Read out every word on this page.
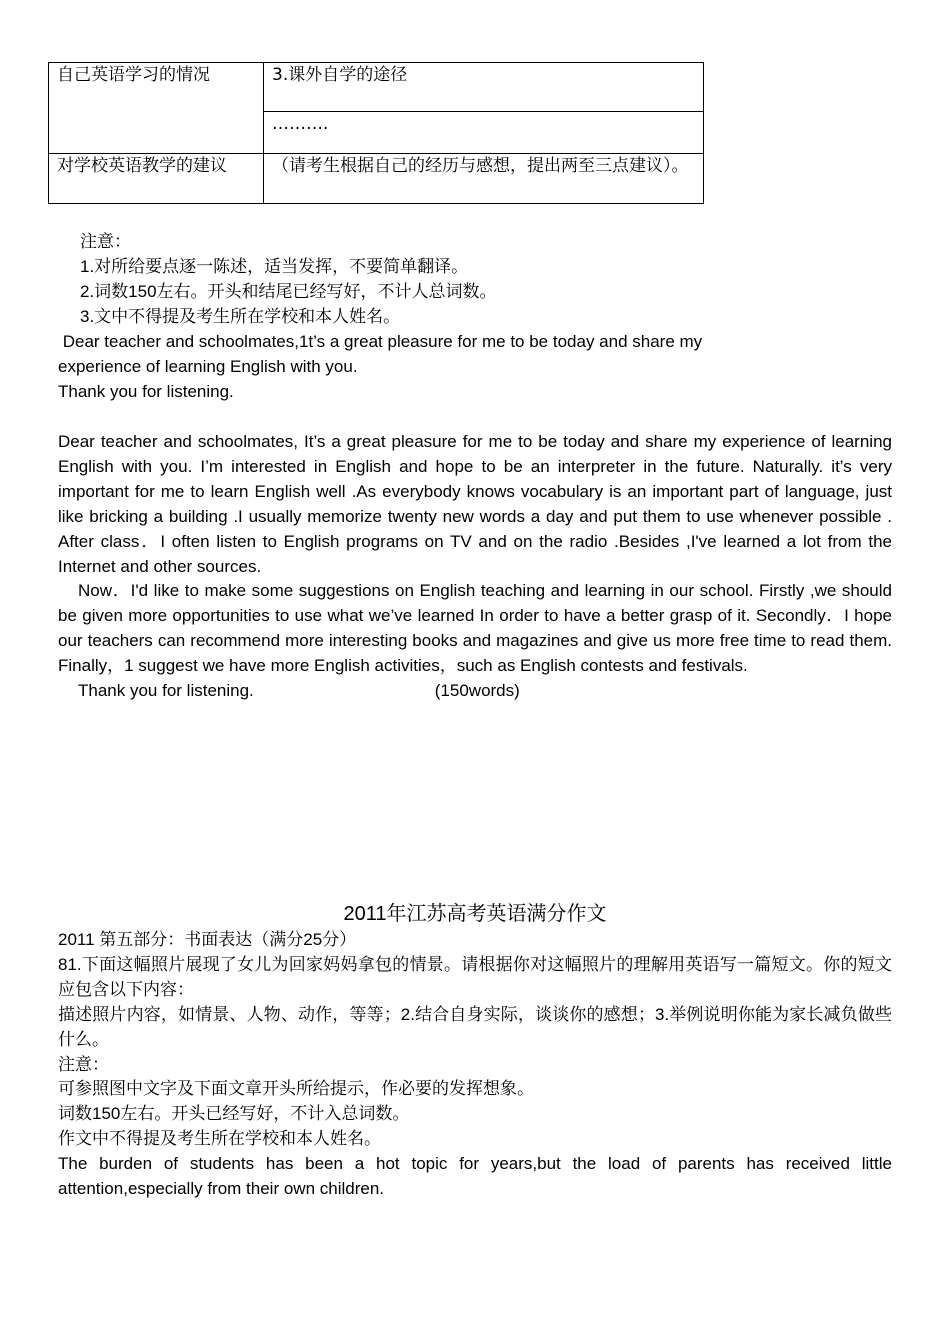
自己英语学习的情况	3.课外自学的途径
	……….
对学校英语教学的建议	（请考生根据自己的经历与感想，提出两至三点建议）。
注意：
1.对所给要点逐一陈述，适当发挥，不要简单翻译。
2.词数150左右。开头和结尾已经写好，不计人总词数。
3.文中不得提及考生所在学校和本人姓名。
Dear teacher and schoolmates,1t’s a great pleasure for me to be today and share my
experience of learning English with you.
Thank you for listening.

Dear teacher and schoolmates, It’s a great pleasure for me to be today and share my experience of learning English with you. I’m interested in English and hope to be an interpreter in the future. Naturally. it’s very important for me to learn English well .As everybody knows vocabulary is an important part of language, just like bricking a building .I usually memorize twenty new words a day and put them to use whenever possible . After class．I often listen to English programs on TV and on the radio .Besides ,I've learned a lot from the Internet and other sources.

Now．I'd like to make some suggestions on English teaching and learning in our school. Firstly ,we should be given more opportunities to use what we’ve learned In order to have a better grasp of it. Secondly．I hope our teachers can recommend more interesting books and magazines and give us more free time to read them. Finally，1 suggest we have more English activities，such as English contests and festivals.

Thank you for listening.	(150words)
2011年江苏高考英语满分作文

2011 第五部分：书面表达（满分25分）

81.下面这幅照片展现了女儿为回家妈妈拿包的情景。请根据你对这幅照片的理解用英语写一篇短文。你的短文应包含以下内容：

描述照片内容，如情景、人物、动作，等等；2.结合自身实际，谈谈你的感想；3.举例说明你能为家长减负做些什么。

注意：

可参照图中文字及下面文章开头所给提示，作必要的发挥想象。

词数150左右。开头已经写好，不计入总词数。

作文中不得提及考生所在学校和本人姓名。

The burden of students has been a hot topic for years,but the load of parents has received little attention,especially from their own children.
